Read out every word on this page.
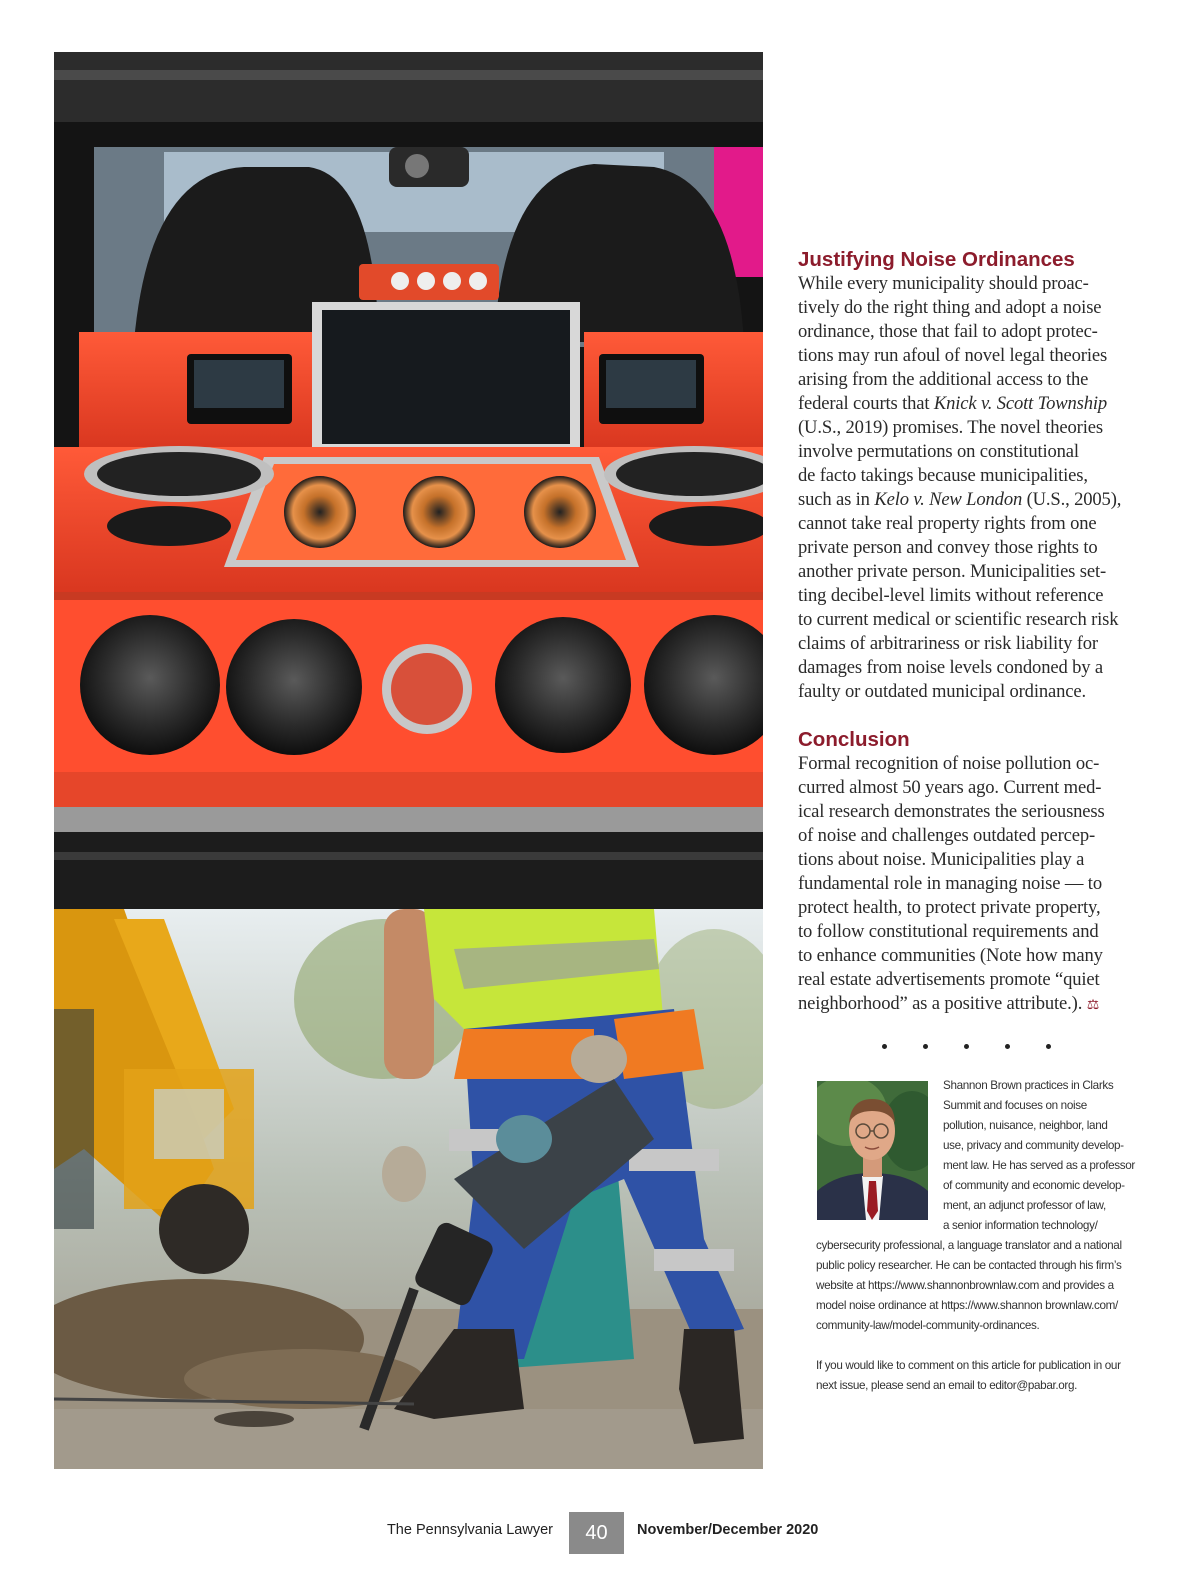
Justifying Noise Ordinances

While every municipality should proac-
tively do the right thing and adopt a noise
ordinance, those that fail to adopt protec-
tions may run afoul of novel legal theories
arising from the additional access to the
federal courts that Knick v. Scott Township
(U.S., 2019) promises. The novel theories
involve permutations on constitutional
de facto takings because municipalities,
such as in Kelo v. New London (U.S., 2005),
cannot take real property rights from one
private person and convey those rights to
another private person. Municipalities set-
ting decibel-level limits without reference
to current medical or scientific research risk
claims of arbitrariness or risk liability for
damages from noise levels condoned by a
faulty or outdated municipal ordinance.

Conclusion

Formal recognition of noise pollution oc-
curred almost 50 years ago. Current med-
ical research demonstrates the seriousness
of noise and challenges outdated percep-
tions about noise. Municipalities play a
fundamental role in managing noise — to
protect health, to protect private property,
to follow constitutional requirements and
to enhance communities (Note how many
real estate advertisements promote “quiet
neighborhood” as a positive attribute.). ⚖

Shannon Brown practices in Clarks
Summit and focuses on noise
pollution, nuisance, neighbor, land
use, privacy and community develop-
ment law. He has served as a professor
of community and economic develop-
ment, an adjunct professor of law,
a senior information technology/
cybersecurity professional, a language translator and a national
public policy researcher. He can be contacted through his firm’s
website at https://www.shannonbrownlaw.com and provides a
model noise ordinance at https://www.shannon brownlaw.com/
community-law/model-community-ordinances.
If you would like to comment on this article for publication in our
next issue, please send an email to editor@pabar.org.
The Pennsylvania Lawyer	40	November/December 2020
